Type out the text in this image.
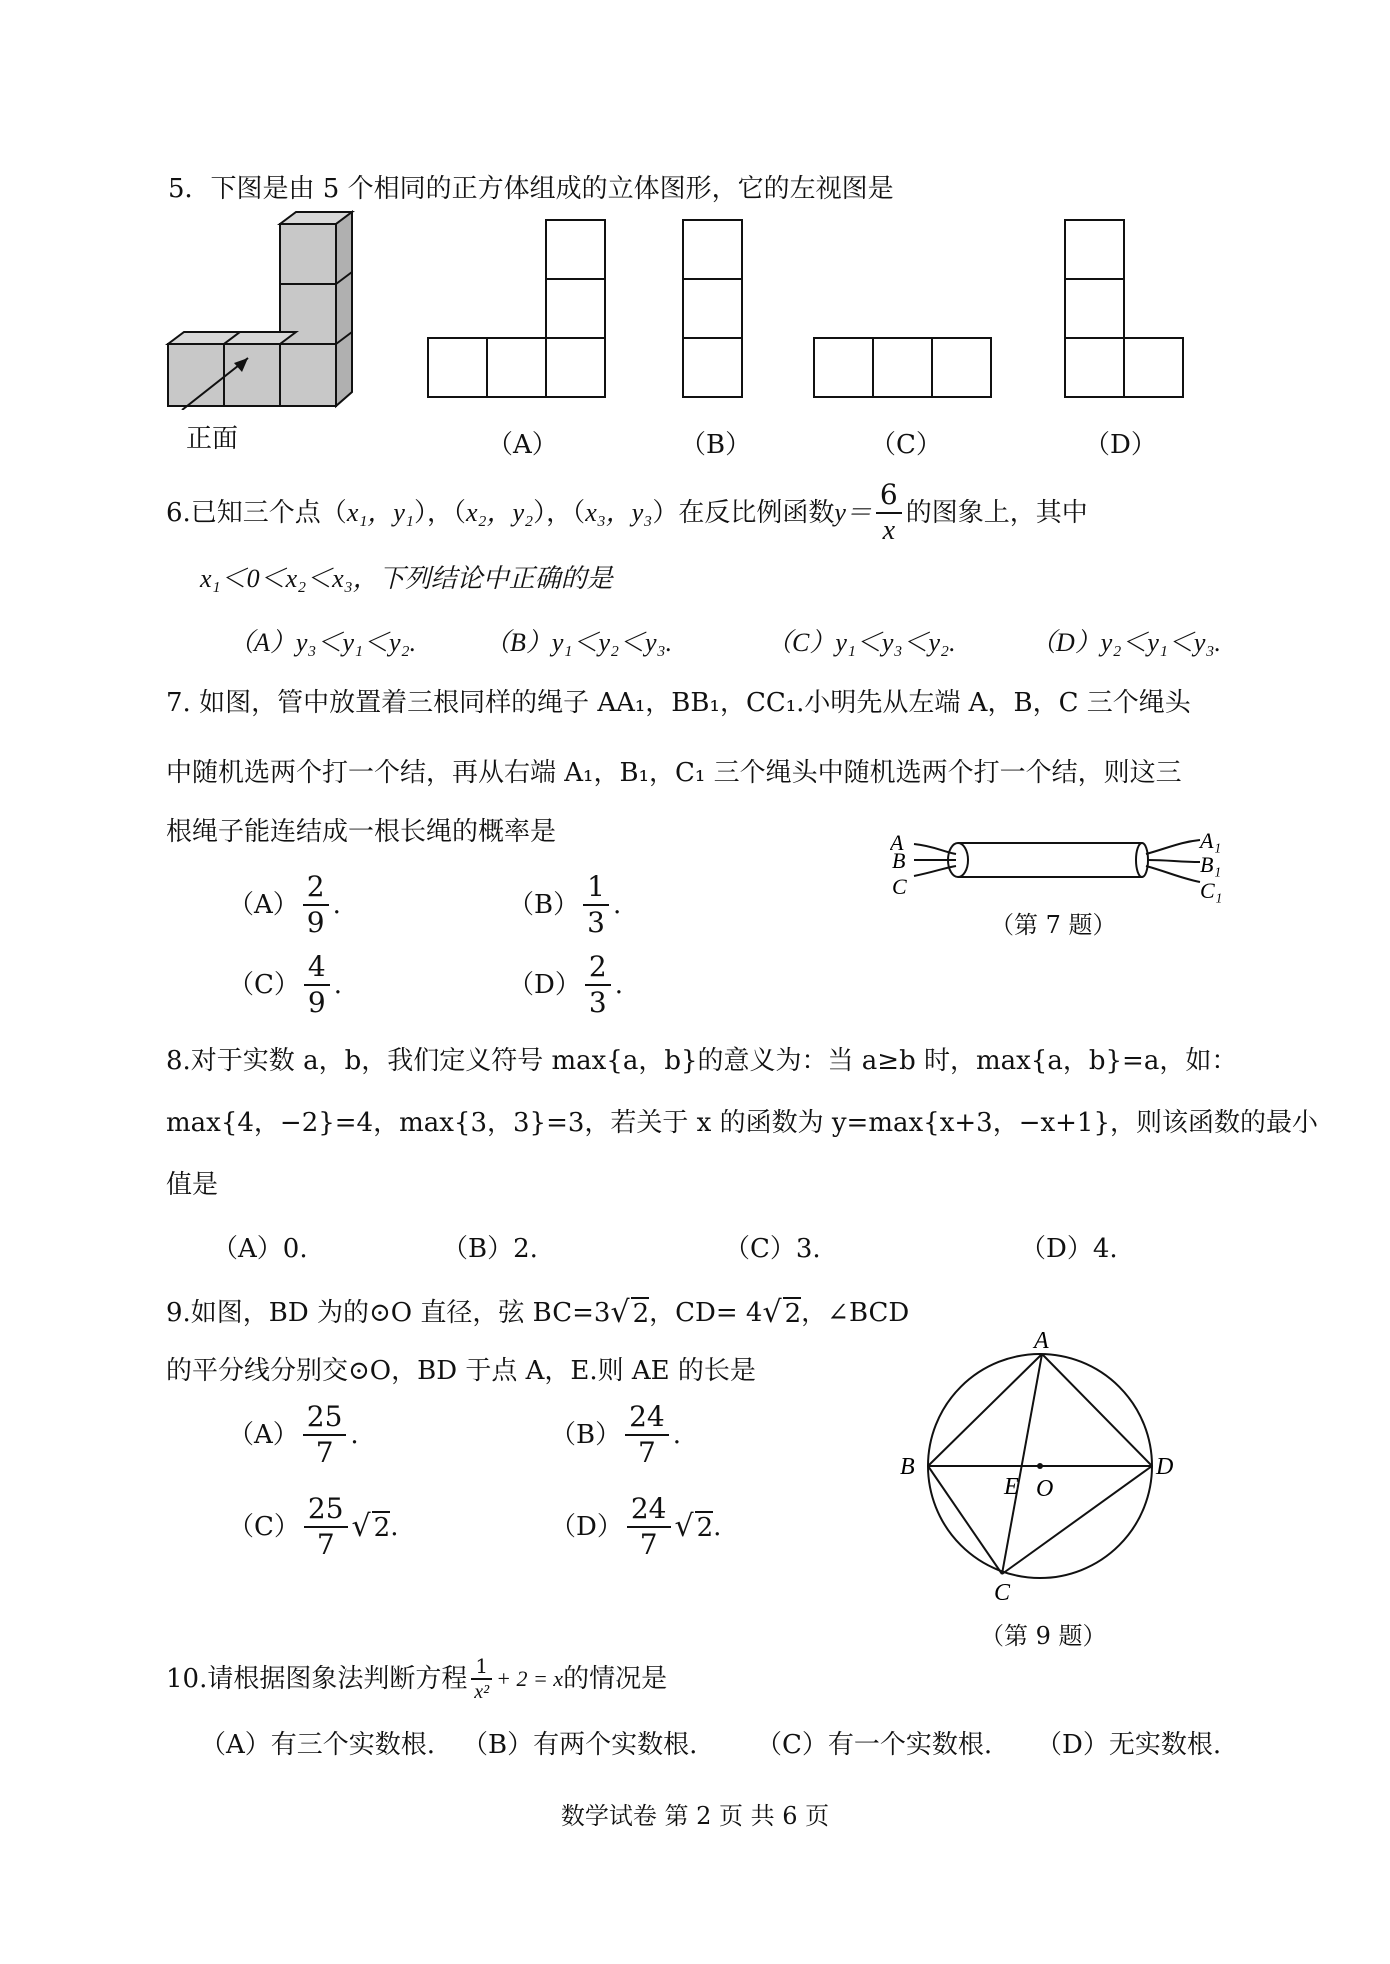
5．下图是由 5 个相同的正方体组成的立体图形，它的左视图是
正面	（A）	（B）	（C）	（D）
6.已知三个点（ x₁，y₁ ），（ x₂，y₂ ），（ x₃，y₃ ）在反比例函数 $y= \frac{6}{x}$ 的图象上，其中
x₁＜0＜x₂＜x₃，下列结论中正确的是
（A）y₃＜y₁＜y₂.	（B）y₁＜y₂＜y₃.	（C）y₁＜y₃＜y₂.	（D）y₂＜y₁＜y₃.
7. 如图，管中放置着三根同样的绳子 AA₁，BB₁，CC₁.小明先从左端 A，B，C 三个绳头
中随机选两个打一个结，再从右端 A₁，B₁，C₁ 三个绳头中随机选两个打一个结，则这三
根绳子能连结成一根长绳的概率是	A
B
C
A₁
B₁
C₁
（第 7 题）
$(A) \frac{2}{9}$ .	$(B) \frac{1}{3}$ .
$(C) \frac{4}{9}$ .	$(D) \frac{2}{3}$ .
8.对于实数 a，b，我们定义符号 max{a，b}的意义为：当 a≥b 时，max{a，b}=a，如：
max{4，−2}=4，max{3，3}=3，若关于 x 的函数为 y=max{x+3，−x+1}，则该函数的最小
值是
（A）0.	（B）2.	（C）3.	（D）4.
9.如图，BD 为的⊙O 直径，弦 BC=3 √ 2 ，CD= 4 √ 2 ，∠BCD
的平分线分别交⊙O，BD 于点 A，E.则 AE 的长是
$(A) \frac{25}{7}$ .	$(B) \frac{24}{7}$ .
$(C) \frac{25}{7}$ √ 2 .	$(D) \frac{24}{7}$ √ 2 .
A
B	D
E O
C
（第 9 题）
10.请根据图象法判断方程 $\frac{1}{\text{x²}} + 2 = x$ 的情况是
（A）有三个实数根. （B）有两个实数根. （C）有一个实数根. （D）无实数根.
数学试卷 第 2 页 共 6 页
